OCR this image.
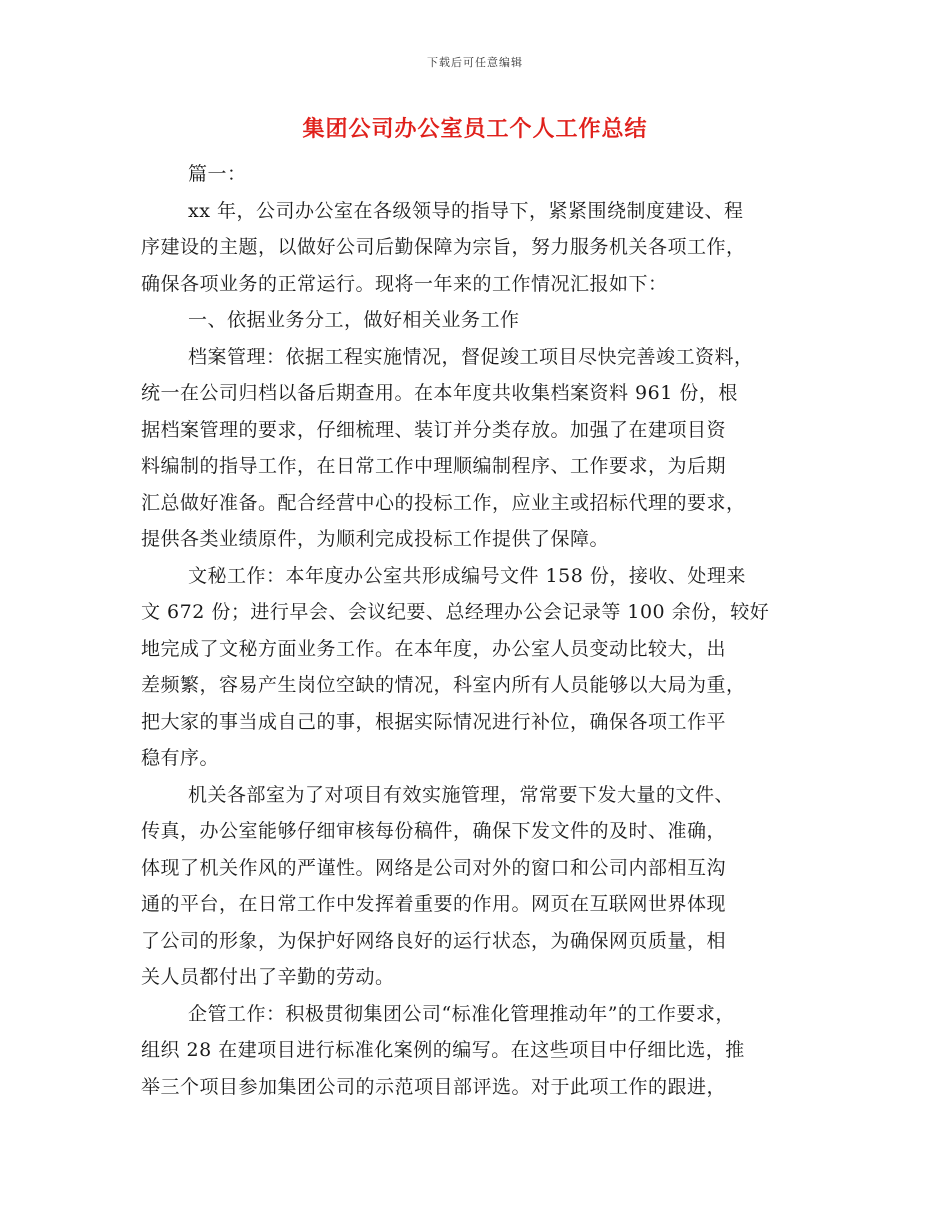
下载后可任意编辑
集团公司办公室员工个人工作总结
篇一：
xx 年，公司办公室在各级领导的指导下，紧紧围绕制度建设、程
序建设的主题，以做好公司后勤保障为宗旨，努力服务机关各项工作，
确保各项业务的正常运行。现将一年来的工作情况汇报如下：
一、依据业务分工，做好相关业务工作
档案管理：依据工程实施情况，督促竣工项目尽快完善竣工资料，
统一在公司归档以备后期查用。在本年度共收集档案资料 961 份，根
据档案管理的要求，仔细梳理、装订并分类存放。加强了在建项目资
料编制的指导工作，在日常工作中理顺编制程序、工作要求，为后期
汇总做好准备。配合经营中心的投标工作，应业主或招标代理的要求，
提供各类业绩原件，为顺利完成投标工作提供了保障。
文秘工作：本年度办公室共形成编号文件 158 份，接收、处理来
文 672 份；进行早会、会议纪要、总经理办公会记录等 100 余份，较好
地完成了文秘方面业务工作。在本年度，办公室人员变动比较大，出
差频繁，容易产生岗位空缺的情况，科室内所有人员能够以大局为重，
把大家的事当成自己的事，根据实际情况进行补位，确保各项工作平
稳有序。
机关各部室为了对项目有效实施管理，常常要下发大量的文件、
传真，办公室能够仔细审核每份稿件，确保下发文件的及时、准确，
体现了机关作风的严谨性。网络是公司对外的窗口和公司内部相互沟
通的平台，在日常工作中发挥着重要的作用。网页在互联网世界体现
了公司的形象，为保护好网络良好的运行状态，为确保网页质量，相
关人员都付出了辛勤的劳动。
企管工作：积极贯彻集团公司“标准化管理推动年”的工作要求，
组织 28 在建项目进行标准化案例的编写。在这些项目中仔细比选，推
举三个项目参加集团公司的示范项目部评选。对于此项工作的跟进，
